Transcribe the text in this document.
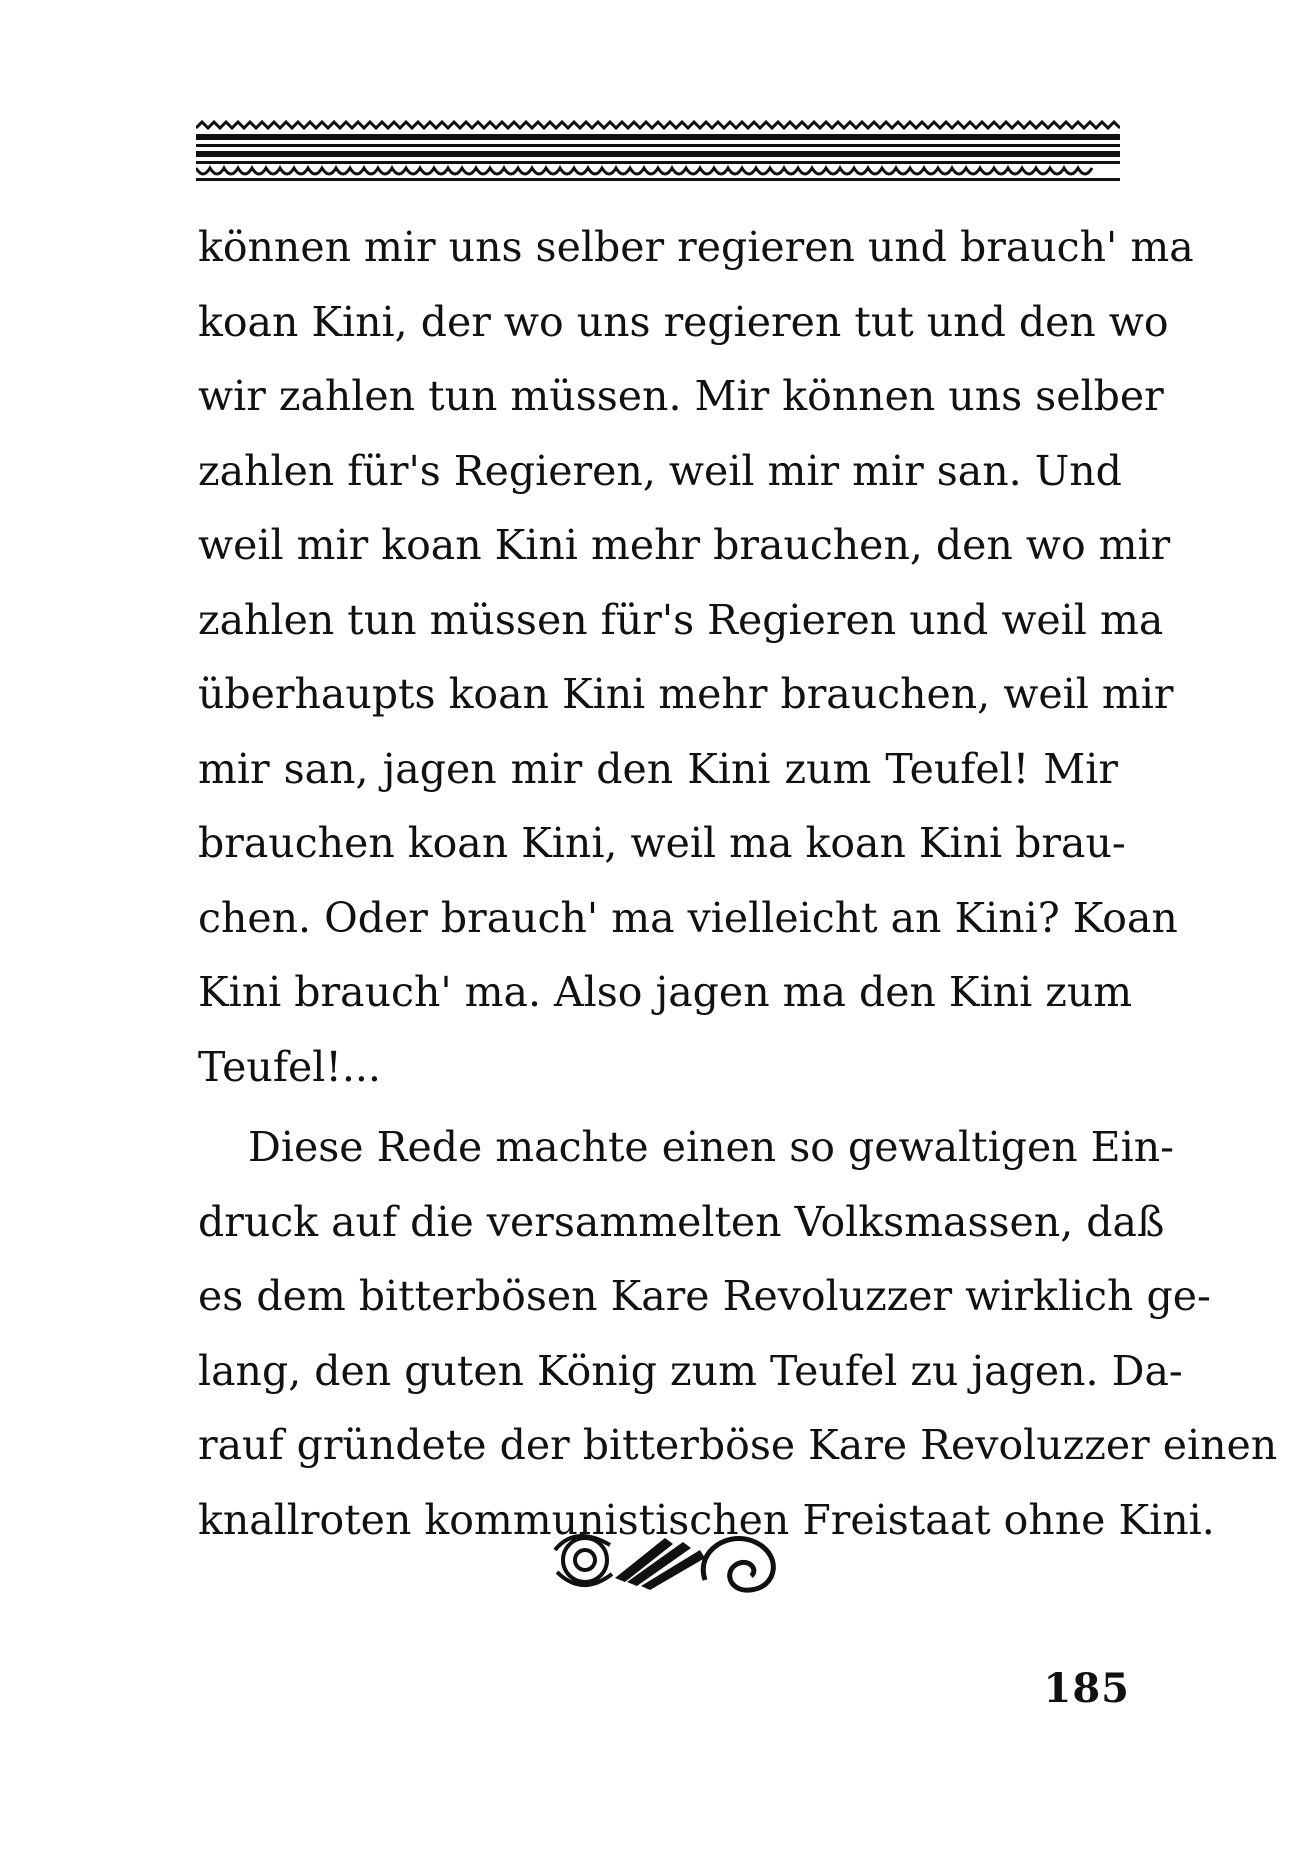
können mir uns selber regieren und brauch' ma
koan Kini, der wo uns regieren tut und den wo
wir zahlen tun müssen. Mir können uns selber
zahlen für's Regieren, weil mir mir san. Und
weil mir koan Kini mehr brauchen, den wo mir
zahlen tun müssen für's Regieren und weil ma
überhaupts koan Kini mehr brauchen, weil mir
mir san, jagen mir den Kini zum Teufel! Mir
brauchen koan Kini, weil ma koan Kini brau-
chen. Oder brauch' ma vielleicht an Kini? Koan
Kini brauch' ma. Also jagen ma den Kini zum
Teufel!...
Diese Rede machte einen so gewaltigen Ein-
druck auf die versammelten Volksmassen, daß
es dem bitterbösen Kare Revoluzzer wirklich ge-
lang, den guten König zum Teufel zu jagen. Da-
rauf gründete der bitterböse Kare Revoluzzer einen
knallroten kommunistischen Freistaat ohne Kini.
185
